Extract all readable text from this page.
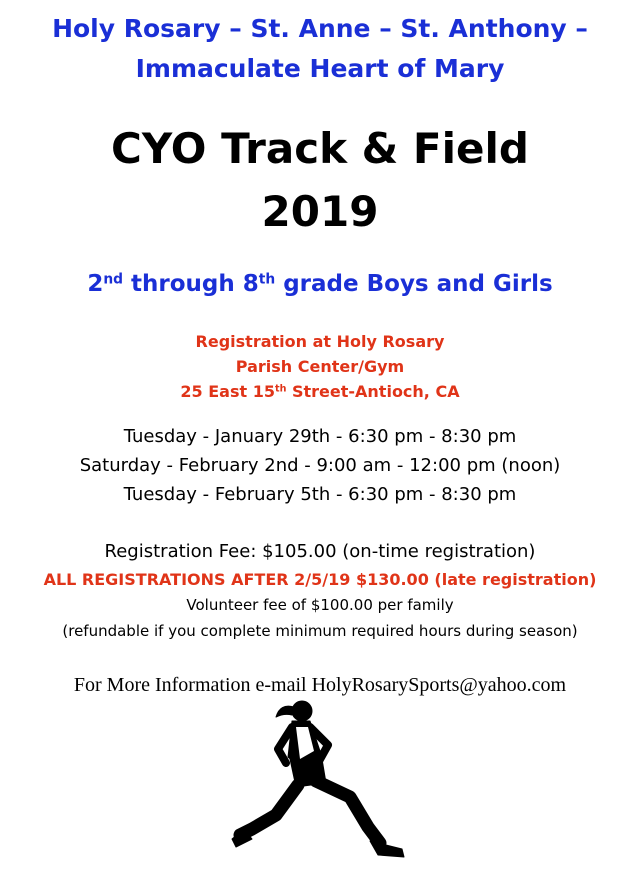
Holy Rosary – St. Anne – St. Anthony –
Immaculate Heart of Mary
CYO Track & Field
2019
2nd through 8th grade Boys and Girls
Registration at Holy Rosary
Parish Center/Gym
25 East 15th Street-Antioch, CA
Tuesday - January 29th - 6:30 pm - 8:30 pm
Saturday - February 2nd - 9:00 am - 12:00 pm (noon)
Tuesday - February 5th - 6:30 pm - 8:30 pm
Registration Fee: $105.00 (on-time registration)
ALL REGISTRATIONS AFTER 2/5/19 $130.00 (late registration)
Volunteer fee of $100.00 per family
(refundable if you complete minimum required hours during season)
For More Information e-mail HolyRosarySports@yahoo.com
